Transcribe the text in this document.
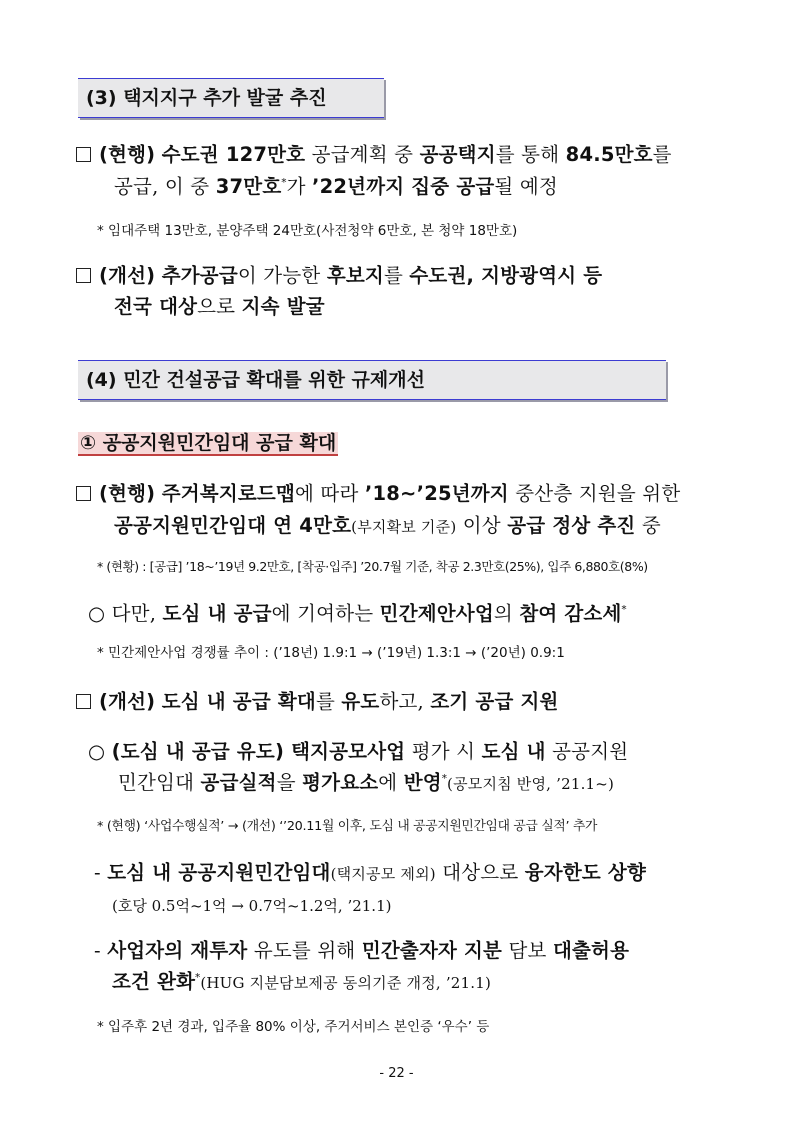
(3) 택지지구 추가 발굴 추진
(현행) 수도권 127만호 공급계획 중 공공택지를 통해 84.5만호를
공급, 이 중 37만호*가 ’22년까지 집중 공급될 예정
* 임대주택 13만호, 분양주택 24만호(사전청약 6만호, 본 청약 18만호)
(개선) 추가공급이 가능한 후보지를 수도권, 지방광역시 등
전국 대상으로 지속 발굴
(4) 민간 건설공급 확대를 위한 규제개선
① 공공지원민간임대 공급 확대
(현행) 주거복지로드맵에 따라 ’18~’25년까지 중산층 지원을 위한
공공지원민간임대 연 4만호(부지확보 기준) 이상 공급 정상 추진 중
* (현황) : [공급] ’18~’19년 9.2만호, [착공·입주] ’20.7월 기준, 착공 2.3만호(25%), 입주 6,880호(8%)
○ 다만, 도심 내 공급에 기여하는 민간제안사업의 참여 감소세*
* 민간제안사업 경쟁률 추이 : (’18년) 1.9:1 → (’19년) 1.3:1 → (’20년) 0.9:1
(개선) 도심 내 공급 확대를 유도하고, 조기 공급 지원
○ (도심 내 공급 유도) 택지공모사업 평가 시 도심 내 공공지원
민간임대 공급실적을 평가요소에 반영*(공모지침 반영, ’21.1~)
* (현행) ‘사업수행실적’ → (개선) ‘’20.11월 이후, 도심 내 공공지원민간임대 공급 실적’ 추가
- 도심 내 공공지원민간임대(택지공모 제외) 대상으로 융자한도 상향
(호당 0.5억~1억 → 0.7억~1.2억, ’21.1)
- 사업자의 재투자 유도를 위해 민간출자자 지분 담보 대출허용
조건 완화*(HUG 지분담보제공 동의기준 개정, ’21.1)
* 입주후 2년 경과, 입주율 80% 이상, 주거서비스 본인증 ‘우수’ 등
- 22 -
